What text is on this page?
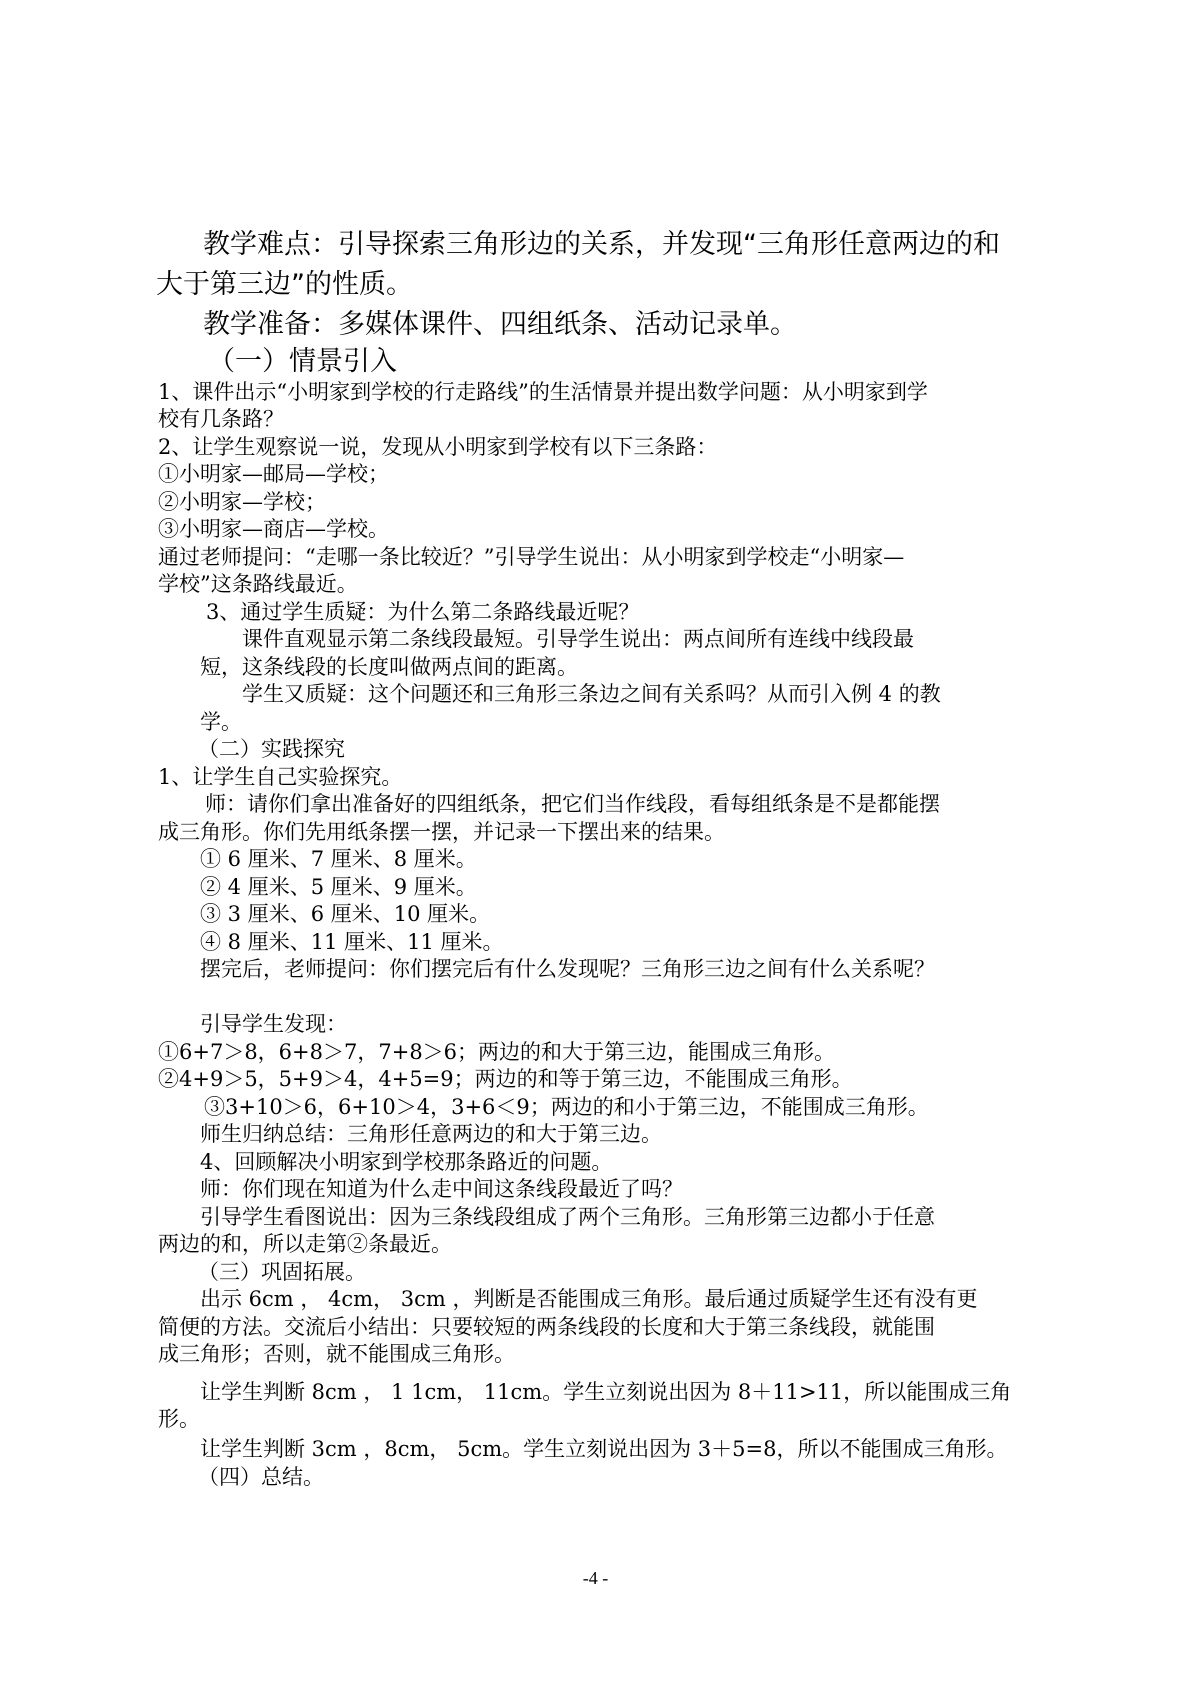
教学难点：引导探索三角形边的关系，并发现“三角形任意两边的和
大于第三边”的性质。
教学准备：多媒体课件、四组纸条、活动记录单。
（一）情景引入
1、课件出示“小明家到学校的行走路线”的生活情景并提出数学问题：从小明家到学
校有几条路？
2、让学生观察说一说，发现从小明家到学校有以下三条路：
①小明家—邮局—学校；
②小明家—学校；
③小明家—商店—学校。
通过老师提问：“走哪一条比较近？”引导学生说出：从小明家到学校走“小明家—
学校”这条路线最近。
3、通过学生质疑：为什么第二条路线最近呢？
课件直观显示第二条线段最短。引导学生说出：两点间所有连线中线段最
短，这条线段的长度叫做两点间的距离。
学生又质疑：这个问题还和三角形三条边之间有关系吗？从而引入例 4 的教
学。
（二）实践探究
1、让学生自己实验探究。
师：请你们拿出准备好的四组纸条，把它们当作线段，看每组纸条是不是都能摆
成三角形。你们先用纸条摆一摆，并记录一下摆出来的结果。
① 6 厘米、7 厘米、8 厘米。
② 4 厘米、5 厘米、9 厘米。
③ 3 厘米、6 厘米、10 厘米。
④ 8 厘米、11 厘米、11 厘米。
摆完后，老师提问：你们摆完后有什么发现呢？三角形三边之间有什么关系呢？
引导学生发现：
①6+7＞8，6+8＞7，7+8＞6；两边的和大于第三边，能围成三角形。
②4+9＞5，5+9＞4，4+5=9；两边的和等于第三边，不能围成三角形。
③3+10＞6，6+10＞4，3+6＜9；两边的和小于第三边，不能围成三角形。
师生归纳总结：三角形任意两边的和大于第三边。
4、回顾解决小明家到学校那条路近的问题。
师：你们现在知道为什么走中间这条线段最近了吗？
引导学生看图说出：因为三条线段组成了两个三角形。三角形第三边都小于任意
两边的和，所以走第②条最近。
（三）巩固拓展。
出示 6cm ， 4cm， 3cm ，判断是否能围成三角形。最后通过质疑学生还有没有更
简便的方法。交流后小结出：只要较短的两条线段的长度和大于第三条线段，就能围
成三角形；否则，就不能围成三角形。
让学生判断 8cm ， 1 1cm， 11cm。学生立刻说出因为 8＋11>11，所以能围成三角
形。
让学生判断 3cm ，8cm， 5cm。学生立刻说出因为 3＋5=8，所以不能围成三角形。
（四）总结。
-4 -
